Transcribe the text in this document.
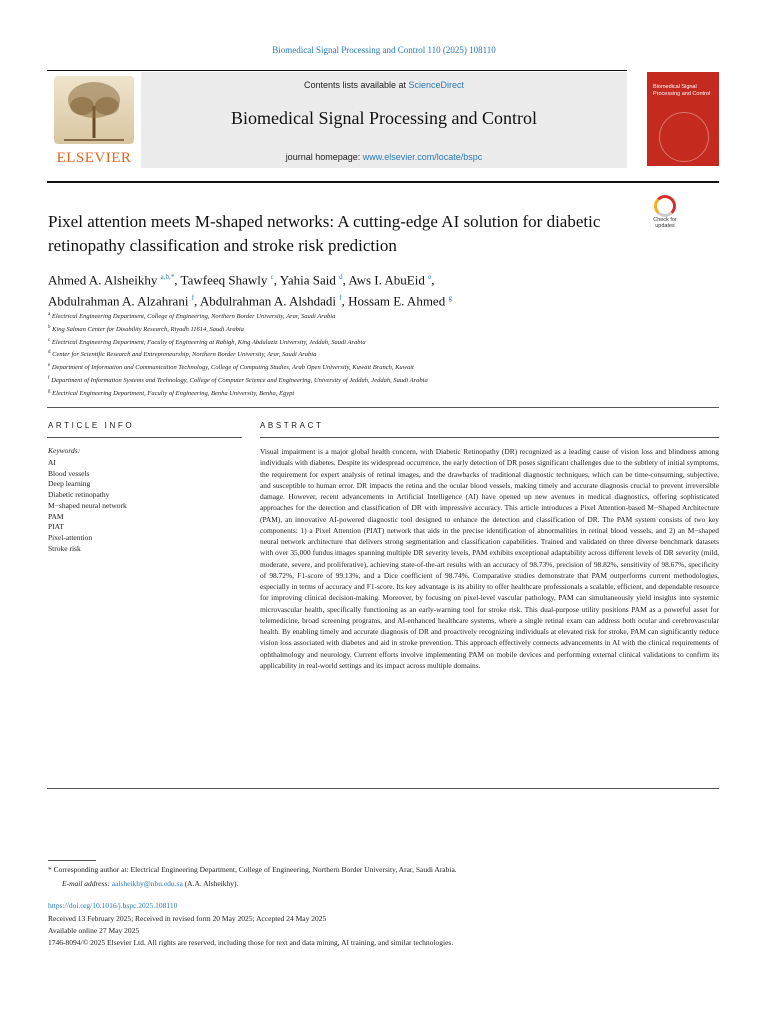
Biomedical Signal Processing and Control 110 (2025) 108110
ELSEVIER
Contents lists available at ScienceDirect
Biomedical Signal Processing and Control
journal homepage: www.elsevier.com/locate/bspc
Biomedical Signal Processing and Control
Pixel attention meets M-shaped networks: A cutting-edge AI solution for diabetic retinopathy classification and stroke risk prediction
Check for updates
Ahmed A. Alsheikhy $^{a,b,*}$, Tawfeeq Shawly $^c$, Yahia Said $^d$, Aws I. AbuEid $^e$,
Abdulrahman A. Alzahrani $^f$, Abdulrahman A. Alshdadi $^f$, Hossam E. Ahmed $^g$
$^a$ Electrical Engineering Department, College of Engineering, Northern Border University, Arar, Saudi Arabia
$^b$ King Salman Center for Disability Research, Riyadh 11614, Saudi Arabia
$^c$ Electrical Engineering Department, Faculty of Engineering at Rabigh, King Abdulaziz University, Jeddah, Saudi Arabia
$^d$ Center for Scientific Research and Entrepreneurship, Northern Border University, Arar, Saudi Arabia
$^e$ Department of Information and Communication Technology, College of Computing Studies, Arab Open University, Kuwait Branch, Kuwait
$^f$ Department of Information Systems and Technology, College of Computer Science and Engineering, University of Jeddah, Jeddah, Saudi Arabia
$^g$ Electrical Engineering Department, Faculty of Engineering, Benha University, Benha, Egypt
ARTICLE INFO	ABSTRACT
Keywords:
AI
Blood vessels
Deep learning
Diabetic retinopathy
M−shaped neural network
PAM
PIAT
Pixel-attention
Stroke risk

Visual impairment is a major global health concern, with Diabetic Retinopathy (DR) recognized as a leading cause of vision loss and blindness among individuals with diabetes. Despite its widespread occurrence, the early detection of DR poses significant challenges due to the subtlety of initial symptoms, the requirement for expert analysis of retinal images, and the drawbacks of traditional diagnostic techniques, which can be time-consuming, subjective, and susceptible to human error. DR impacts the retina and the ocular blood vessels, making timely and accurate diagnosis crucial to prevent irreversible damage. However, recent advancements in Artificial Intelligence (AI) have opened up new avenues in medical diagnostics, offering sophisticated approaches for the detection and classification of DR with impressive accuracy. This article introduces a Pixel Attention-based M−Shaped Architecture (PAM), an innovative AI-powered diagnostic tool designed to enhance the detection and classification of DR. The PAM system consists of two key components: 1) a Pixel Attention (PIAT) network that aids in the precise identification of abnormalities in retinal blood vessels, and 2) an M−shaped neural network architecture that delivers strong segmentation and classification capabilities. Trained and validated on three diverse benchmark datasets with over 35,000 fundus images spanning multiple DR severity levels, PAM exhibits exceptional adaptability across different levels of DR severity (mild, moderate, severe, and proliferative), achieving state-of-the-art results with an accuracy of 98.73%, precision of 98.82%, sensitivity of 98.67%, specificity of 98.72%, F1-score of 99.13%, and a Dice coefficient of 98.74%. Comparative studies demonstrate that PAM outperforms current methodologies, especially in terms of accuracy and F1-score. Its key advantage is its ability to offer healthcare professionals a scalable, efficient, and dependable resource for improving clinical decision-making. Moreover, by focusing on pixel-level vascular pathology, PAM can simultaneously yield insights into systemic microvascular health, specifically functioning as an early-warning tool for stroke risk. This dual-purpose utility positions PAM as a powerful asset for telemedicine, broad screening programs, and AI-enhanced healthcare systems, where a single retinal exam can address both ocular and cerebrovascular health. By enabling timely and accurate diagnosis of DR and proactively recognizing individuals at elevated risk for stroke, PAM can significantly reduce vision loss associated with diabetes and aid in stroke prevention. This approach effectively connects advancements in AI with the clinical requirements of ophthalmology and neurology. Current efforts involve implementing PAM on mobile devices and performing external clinical validations to confirm its applicability in real-world settings and its impact across multiple domains.

* Corresponding author at: Electrical Engineering Department, College of Engineering, Northern Border University, Arar, Saudi Arabia.
E-mail address: aalsheikhy@nbu.edu.sa (A.A. Alsheikhy).
https://doi.org/10.1016/j.bspc.2025.108110
Received 13 February 2025; Received in revised form 20 May 2025; Accepted 24 May 2025
Available online 27 May 2025
1746-8094/© 2025 Elsevier Ltd. All rights are reserved, including those for text and data mining, AI training, and similar technologies.
